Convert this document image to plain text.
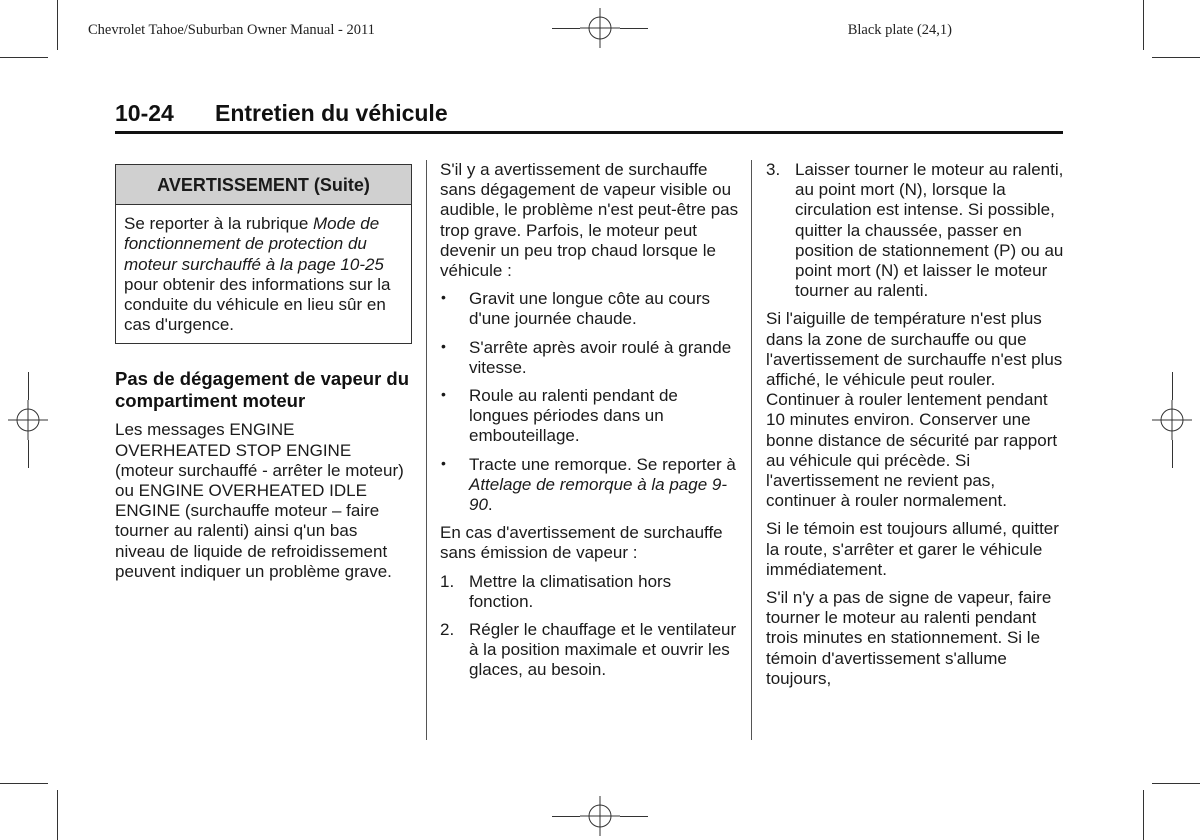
Chevrolet Tahoe/Suburban Owner Manual - 2011	Black plate (24,1)
10-24	Entretien du véhicule
AVERTISSEMENT (Suite)
Se reporter à la rubrique Mode de fonctionnement de protection du moteur surchauffé à la page 10-25 pour obtenir des informations sur la conduite du véhicule en lieu sûr en cas d'urgence.
Pas de dégagement de vapeur du compartiment moteur

Les messages ENGINE OVERHEATED STOP ENGINE (moteur surchauffé - arrêter le moteur) ou ENGINE OVERHEATED IDLE ENGINE (surchauffe moteur – faire tourner au ralenti) ainsi q'un bas niveau de liquide de refroidissement peuvent indiquer un problème grave.

S'il y a avertissement de surchauffe sans dégagement de vapeur visible ou audible, le problème n'est peut-être pas trop grave. Parfois, le moteur peut devenir un peu trop chaud lorsque le véhicule :

• Gravit une longue côte au cours d'une journée chaude.
• S'arrête après avoir roulé à grande vitesse.
• Roule au ralenti pendant de longues périodes dans un embouteillage.
• Tracte une remorque. Se reporter à Attelage de remorque à la page 9-90.

En cas d'avertissement de surchauffe sans émission de vapeur :

1. Mettre la climatisation hors fonction.
2. Régler le chauffage et le ventilateur à la position maximale et ouvrir les glaces, au besoin.
3. Laisser tourner le moteur au ralenti, au point mort (N), lorsque la circulation est intense. Si possible, quitter la chaussée, passer en position de stationnement (P) ou au point mort (N) et laisser le moteur tourner au ralenti.

Si l'aiguille de température n'est plus dans la zone de surchauffe ou que l'avertissement de surchauffe n'est plus affiché, le véhicule peut rouler. Continuer à rouler lentement pendant 10 minutes environ. Conserver une bonne distance de sécurité par rapport au véhicule qui précède. Si l'avertissement ne revient pas, continuer à rouler normalement.

Si le témoin est toujours allumé, quitter la route, s'arrêter et garer le véhicule immédiatement.

S'il n'y a pas de signe de vapeur, faire tourner le moteur au ralenti pendant trois minutes en stationnement. Si le témoin d'avertissement s'allume toujours,
